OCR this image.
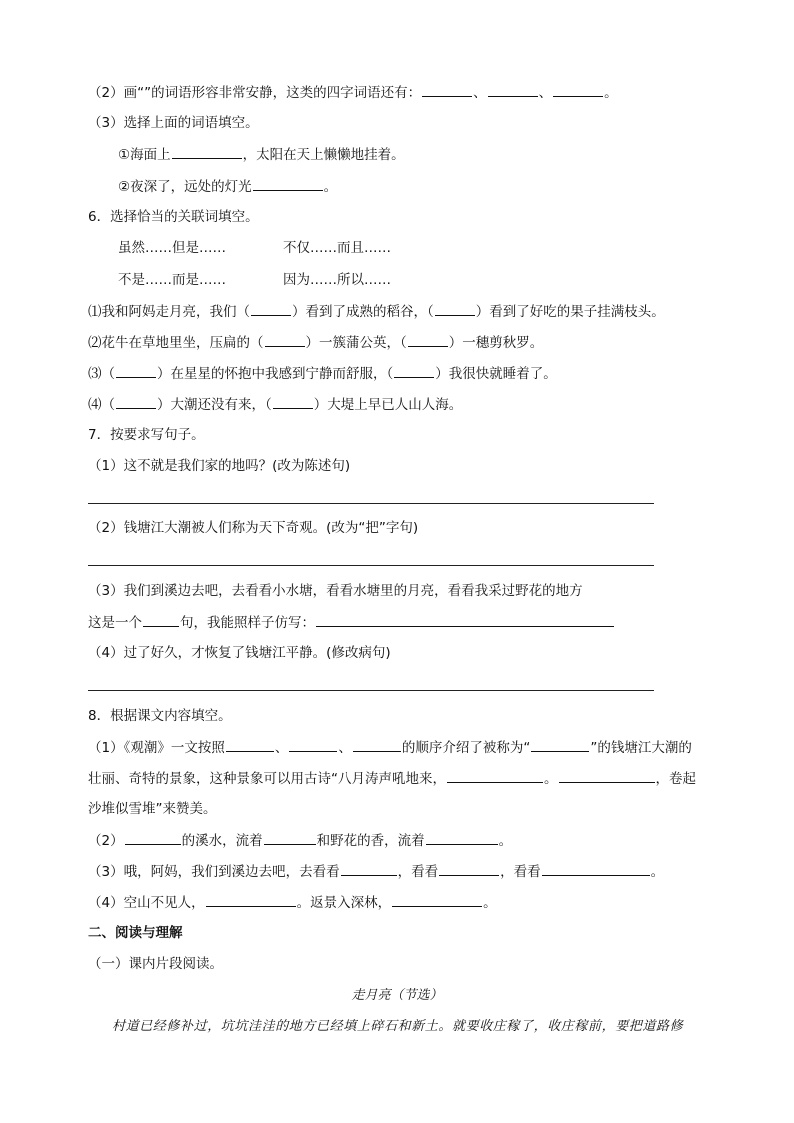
（2）画“”的词语形容非常安静，这类的四字词语还有：	、	、	。
（3）选择上面的词语填空。
①海面上	，太阳在天上懒懒地挂着。
②夜深了，远处的灯光	。
6．选择恰当的关联词填空。
虽然……但是……	不仅……而且……
不是……而是……	因为……所以……
⑴我和阿妈走月亮，我们（	）看到了成熟的稻谷，（	）看到了好吃的果子挂满枝头。
⑵花牛在草地里坐，压扁的（	）一簇蒲公英，（	）一穗剪秋罗。
⑶（	）在星星的怀抱中我感到宁静而舒服，（	）我很快就睡着了。
⑷（	）大潮还没有来，（	）大堤上早已人山人海。
7．按要求写句子。
（1）这不就是我们家的地吗？(改为陈述句)
（2）钱塘江大潮被人们称为天下奇观。(改为“把”字句)
（3）我们到溪边去吧，去看看小水塘，看看水塘里的月亮，看看我采过野花的地方
这是一个	句，我能照样子仿写：
（4）过了好久，才恢复了钱塘江平静。(修改病句)
8．根据课文内容填空。
（1）《观潮》一文按照	、	、	的顺序介绍了被称为“	”的钱塘江大潮的
壮丽、奇特的景象，这种景象可以用古诗“八月涛声吼地来，	。	，卷起
沙堆似雪堆”来赞美。
（2）	的溪水，流着	和野花的香，流着	。
（3）哦，阿妈，我们到溪边去吧，去看看	，看看	，看看	。
（4）空山不见人，	。返景入深林，	。
二、阅读与理解
（一）课内片段阅读。
走月亮（节选）
村道已经修补过，坑坑洼洼的地方已经填上碎石和新土。就要收庄稼了，收庄稼前，要把道路修
